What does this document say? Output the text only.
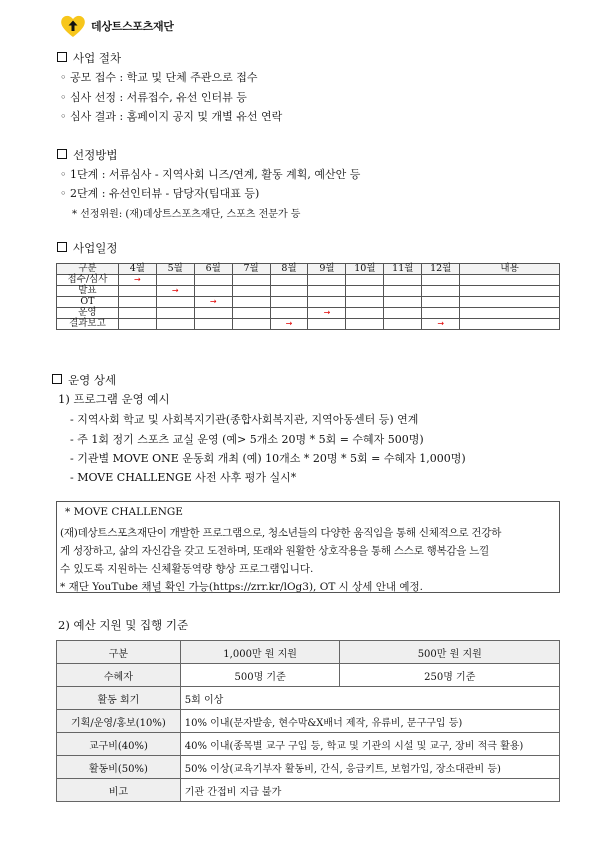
데상트스포츠재단
사업 절차
◦ 공모 접수 : 학교 및 단체 주관으로 접수
◦ 심사 선정 : 서류접수, 유선 인터뷰 등
◦ 심사 결과 : 홈페이지 공지 및 개별 유선 연락
선정방법
◦ 1단계 : 서류심사 - 지역사회 니즈/연계, 활동 계획, 예산안 등
◦ 2단계 : 유선인터뷰 - 담당자(팀대표 등)
* 선정위원: (재)데상트스포츠재단, 스포츠 전문가 등
사업일정
구분	4월	5월	6월	7월	8월	9월	10월	11월	12월	내용
접수/심사	→									
발표		→								
OT			→							
운영						→				
결과보고					→				→	
운영 상세
1) 프로그램 운영 예시
- 지역사회 학교 및 사회복지기관(종합사회복지관, 지역아동센터 등) 연계
- 주 1회 정기 스포츠 교실 운영 (예> 5개소 20명 * 5회 = 수혜자 500명)
- 기관별 MOVE ONE 운동회 개최 (예) 10개소 * 20명 * 5회 = 수혜자 1,000명)
- MOVE CHALLENGE 사전 사후 평가 실시*
* MOVE CHALLENGE
(재)데상트스포츠재단이 개발한 프로그램으로, 청소년들의 다양한 움직임을 통해 신체적으로 건강하
게 성장하고, 삶의 자신감을 갖고 도전하며, 또래와 원활한 상호작용을 통해 스스로 행복감을 느낄
수 있도록 지원하는 신체활동역량 향상 프로그램입니다.
* 재단 YouTube 채널 확인 가능(https://zrr.kr/lOg3), OT 시 상세 안내 예정.
2) 예산 지원 및 집행 기준
구분	1,000만 원 지원	500만 원 지원
수혜자	500명 기준	250명 기준
활동 회기	5회 이상	
기획/운영/홍보(10%)	10% 이내(문자발송, 현수막&X배너 제작, 유류비, 문구구입 등)	
교구비(40%)	40% 이내(종목별 교구 구입 등, 학교 및 기관의 시설 및 교구, 장비 적극 활용)	
활동비(50%)	50% 이상(교육기부자 활동비, 간식, 응급키트, 보험가입, 장소대관비 등)	
비고	기관 간접비 지급 불가	
